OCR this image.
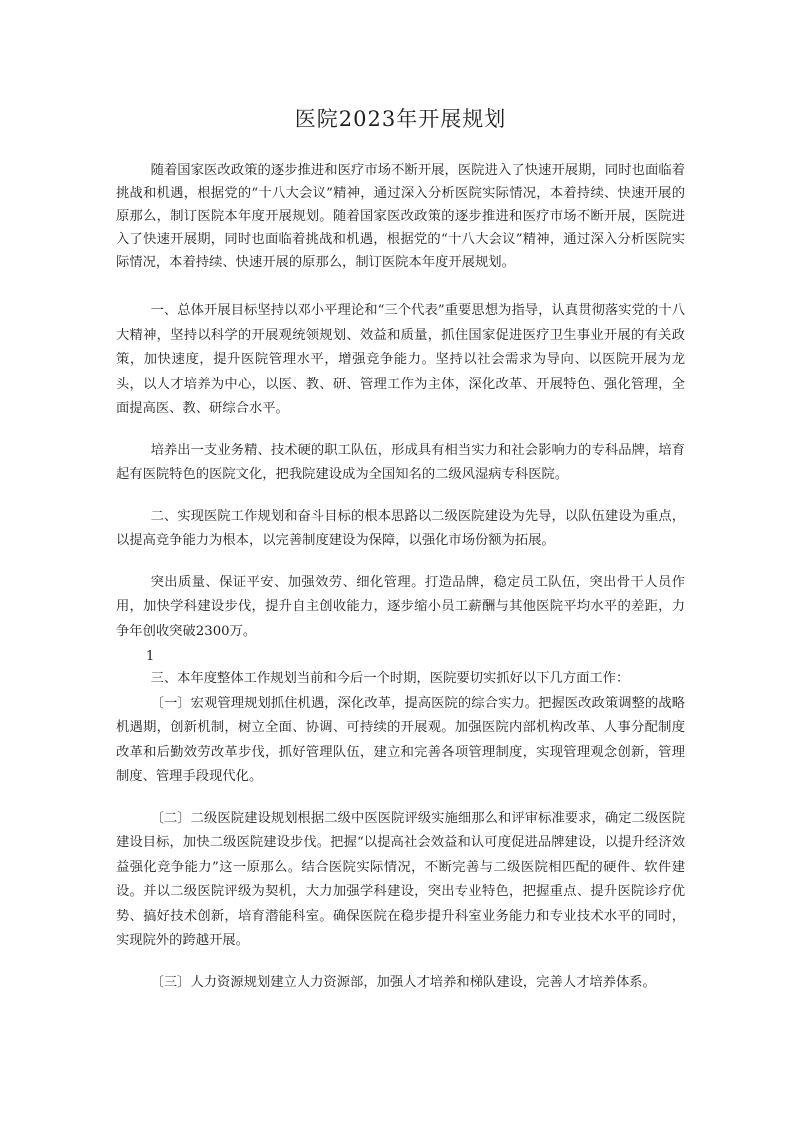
医院2023年开展规划

随着国家医改政策的逐步推进和医疗市场不断开展，医院进入了快速开展期，同时也面临着挑战和机遇，根据党的“十八大会议”精神，通过深入分析医院实际情况，本着持续、快速开展的原那么，制订医院本年度开展规划。随着国家医改政策的逐步推进和医疗市场不断开展，医院进入了快速开展期，同时也面临着挑战和机遇，根据党的“十八大会议”精神，通过深入分析医院实际情况，本着持续、快速开展的原那么，制订医院本年度开展规划。

一、总体开展目标坚持以邓小平理论和“三个代表”重要思想为指导，认真贯彻落实党的十八大精神，坚持以科学的开展观统领规划、效益和质量，抓住国家促进医疗卫生事业开展的有关政策，加快速度，提升医院管理水平，增强竞争能力。坚持以社会需求为导向、以医院开展为龙头，以人才培养为中心，以医、教、研、管理工作为主体，深化改革、开展特色、强化管理，全面提高医、教、研综合水平。

培养出一支业务精、技术硬的职工队伍，形成具有相当实力和社会影响力的专科品牌，培育起有医院特色的医院文化，把我院建设成为全国知名的二级风湿病专科医院。

二、实现医院工作规划和奋斗目标的根本思路以二级医院建设为先导，以队伍建设为重点，以提高竞争能力为根本，以完善制度建设为保障，以强化市场份额为拓展。

突出质量、保证平安、加强效劳、细化管理。打造品牌，稳定员工队伍，突出骨干人员作用，加快学科建设步伐，提升自主创收能力，逐步缩小员工薪酬与其他医院平均水平的差距，力争年创收突破2300万。

1

三、本年度整体工作规划当前和今后一个时期，医院要切实抓好以下几方面工作：

〔一〕宏观管理规划抓住机遇，深化改革，提高医院的综合实力。把握医改政策调整的战略机遇期，创新机制，树立全面、协调、可持续的开展观。加强医院内部机构改革、人事分配制度改革和后勤效劳改革步伐，抓好管理队伍，建立和完善各项管理制度，实现管理观念创新，管理制度、管理手段现代化。

〔二〕二级医院建设规划根据二级中医医院评级实施细那么和评审标准要求，确定二级医院建设目标，加快二级医院建设步伐。把握“以提高社会效益和认可度促进品牌建设，以提升经济效益强化竞争能力”这一原那么。结合医院实际情况，不断完善与二级医院相匹配的硬件、软件建设。并以二级医院评级为契机，大力加强学科建设，突出专业特色，把握重点、提升医院诊疗优势、搞好技术创新，培育潜能科室。确保医院在稳步提升科室业务能力和专业技术水平的同时，实现院外的跨越开展。

〔三〕人力资源规划建立人力资源部，加强人才培养和梯队建设，完善人才培养体系。
